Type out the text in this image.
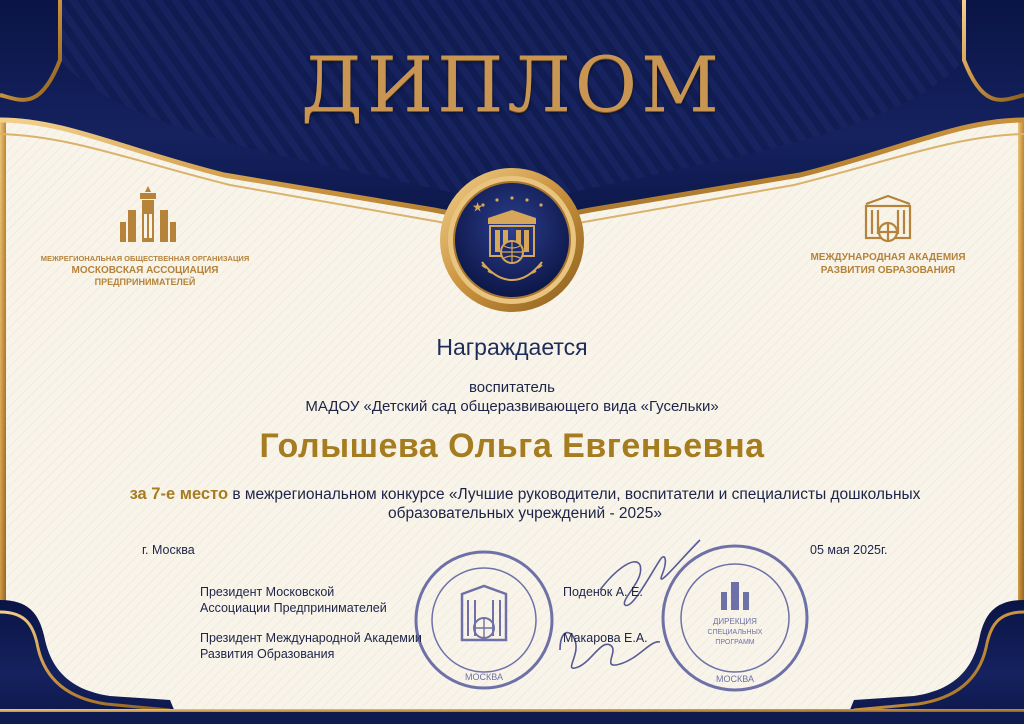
МОСКВА
ДИРЕКЦИЯ
СПЕЦИАЛЬНЫХ
ПРОГРАММ
МОСКВА
ДИПЛОМ
МЕЖРЕГИОНАЛЬНАЯ ОБЩЕСТВЕННАЯ ОРГАНИЗАЦИЯ
МОСКОВСКАЯ АССОЦИАЦИЯ
ПРЕДПРИНИМАТЕЛЕЙ
МЕЖДУНАРОДНАЯ АКАДЕМИЯ
РАЗВИТИЯ ОБРАЗОВАНИЯ
Награждается
воспитатель
МАДОУ «Детский сад общеразвивающего вида «Гусельки»
Голышева Ольга Евгеньевна
за 7-е место в межрегиональном конкурсе «Лучшие руководители, воспитатели и специалисты дошкольных образовательных учреждений - 2025»
г. Москва	05 мая 2025г.
Президент Московской
Ассоциации Предпринимателей
Поденок А. Е.
Президент Международной Академии
Развития Образования
Макарова Е.А.
